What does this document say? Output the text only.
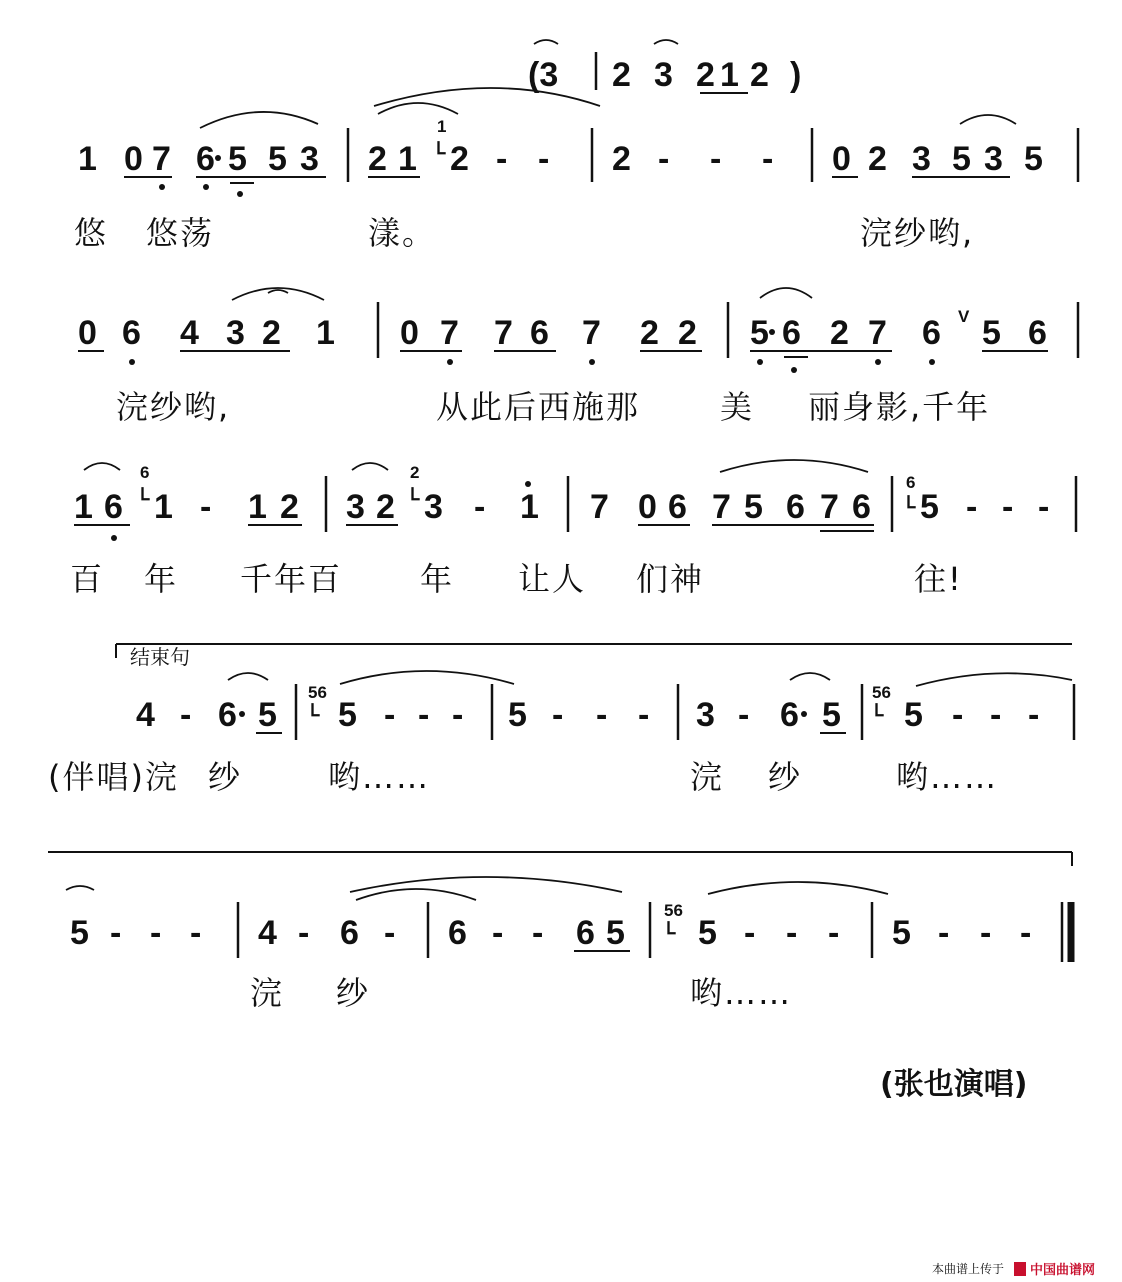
(3 2 3 2 1 2 )
1 0 7 6 5 5 3 2 1
1
ᒪ 2 - - 2 - - - 0 2 3 5 3 5
悠 悠荡	漾。	浣纱哟,
0 6 4 3 2 1 0 7 7 6 7 2 2 5 6 2 7 6 V 5 6
浣纱哟,	从此后西施那 美 丽身影,千年
1 6
6
ᒪ 1 - 1 2 3 2
2
ᒪ 3 - 1 7 0 6 7 5 6 7 6
6
ᒪ 5 - - -
百 年 千年百 年 让人 们神	往!
结束句
4 - 6 5
56
ᒪ 5 - - - 5 - - - 3 - 6 5
56
ᒪ 5 - - -
(伴唱)浣 纱	哟……	浣 纱	哟……
5 - - - 4 - 6 - 6 - - 6 5
56
ᒪ 5 - - - 5 - - -
浣 纱	哟……
(张也演唱)
本曲谱上传于 中国曲谱网
